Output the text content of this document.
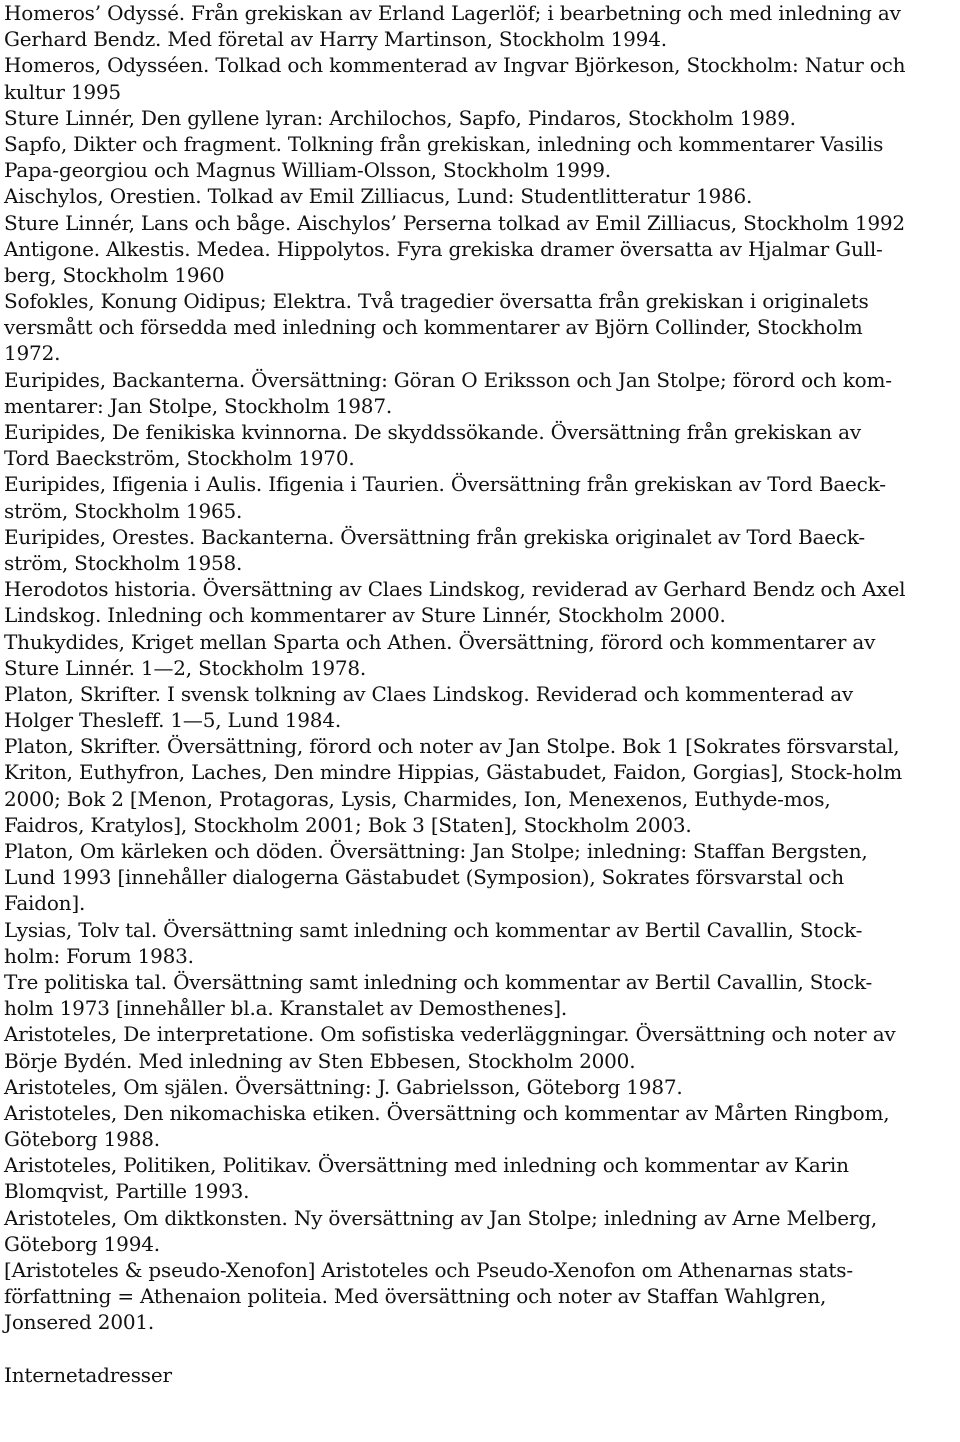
Homeros’ Odyssé. Från grekiskan av Erland Lagerlöf; i bearbetning och med inledning av
Gerhard Bendz. Med företal av Harry Martinson, Stockholm 1994.
Homeros, Odysséen. Tolkad och kommenterad av Ingvar Björkeson, Stockholm: Natur och
kultur 1995
Sture Linnér, Den gyllene lyran: Archilochos, Sapfo, Pindaros, Stockholm 1989.
Sapfo, Dikter och fragment. Tolkning från grekiskan, inledning och kommentarer Vasilis
Papa-georgiou och Magnus William-Olsson, Stockholm 1999.
Aischylos, Orestien. Tolkad av Emil Zilliacus, Lund: Studentlitteratur 1986.
Sture Linnér, Lans och båge. Aischylos’ Perserna tolkad av Emil Zilliacus, Stockholm 1992
Antigone. Alkestis. Medea. Hippolytos. Fyra grekiska dramer översatta av Hjalmar Gull-
berg, Stockholm 1960
Sofokles, Konung Oidipus; Elektra. Två tragedier översatta från grekiskan i originalets
versmått och försedda med inledning och kommentarer av Björn Collinder, Stockholm
1972.
Euripides, Backanterna. Översättning: Göran O Eriksson och Jan Stolpe; förord och kom-
mentarer: Jan Stolpe, Stockholm 1987.
Euripides, De fenikiska kvinnorna. De skyddssökande. Översättning från grekiskan av
Tord Baeckström, Stockholm 1970.
Euripides, Ifigenia i Aulis. Ifigenia i Taurien. Översättning från grekiskan av Tord Baeck-
ström, Stockholm 1965.
Euripides, Orestes. Backanterna. Översättning från grekiska originalet av Tord Baeck-
ström, Stockholm 1958.
Herodotos historia. Översättning av Claes Lindskog, reviderad av Gerhard Bendz och Axel
Lindskog. Inledning och kommentarer av Sture Linnér, Stockholm 2000.
Thukydides, Kriget mellan Sparta och Athen. Översättning, förord och kommentarer av
Sture Linnér. 1—2, Stockholm 1978.
Platon, Skrifter. I svensk tolkning av Claes Lindskog. Reviderad och kommenterad av
Holger Thesleff. 1—5, Lund 1984.
Platon, Skrifter. Översättning, förord och noter av Jan Stolpe. Bok 1 [Sokrates försvarstal,
Kriton, Euthyfron, Laches, Den mindre Hippias, Gästabudet, Faidon, Gorgias], Stock-holm
2000; Bok 2 [Menon, Protagoras, Lysis, Charmides, Ion, Menexenos, Euthyde-mos,
Faidros, Kratylos], Stockholm 2001; Bok 3 [Staten], Stockholm 2003.
Platon, Om kärleken och döden. Översättning: Jan Stolpe; inledning: Staffan Bergsten,
Lund 1993 [innehåller dialogerna Gästabudet (Symposion), Sokrates försvarstal och
Faidon].
Lysias, Tolv tal. Översättning samt inledning och kommentar av Bertil Cavallin, Stock-
holm: Forum 1983.
Tre politiska tal. Översättning samt inledning och kommentar av Bertil Cavallin, Stock-
holm 1973 [innehåller bl.a. Kranstalet av Demosthenes].
Aristoteles, De interpretatione. Om sofistiska vederläggningar. Översättning och noter av
Börje Bydén. Med inledning av Sten Ebbesen, Stockholm 2000.
Aristoteles, Om själen. Översättning: J. Gabrielsson, Göteborg 1987.
Aristoteles, Den nikomachiska etiken. Översättning och kommentar av Mårten Ringbom,
Göteborg 1988.
Aristoteles, Politiken, Politikav. Översättning med inledning och kommentar av Karin
Blomqvist, Partille 1993.
Aristoteles, Om diktkonsten. Ny översättning av Jan Stolpe; inledning av Arne Melberg,
Göteborg 1994.
[Aristoteles & pseudo-Xenofon] Aristoteles och Pseudo-Xenofon om Athenarnas stats-
författning = Athenaion politeia. Med översättning och noter av Staffan Wahlgren,
Jonsered 2001.
Internetadresser
